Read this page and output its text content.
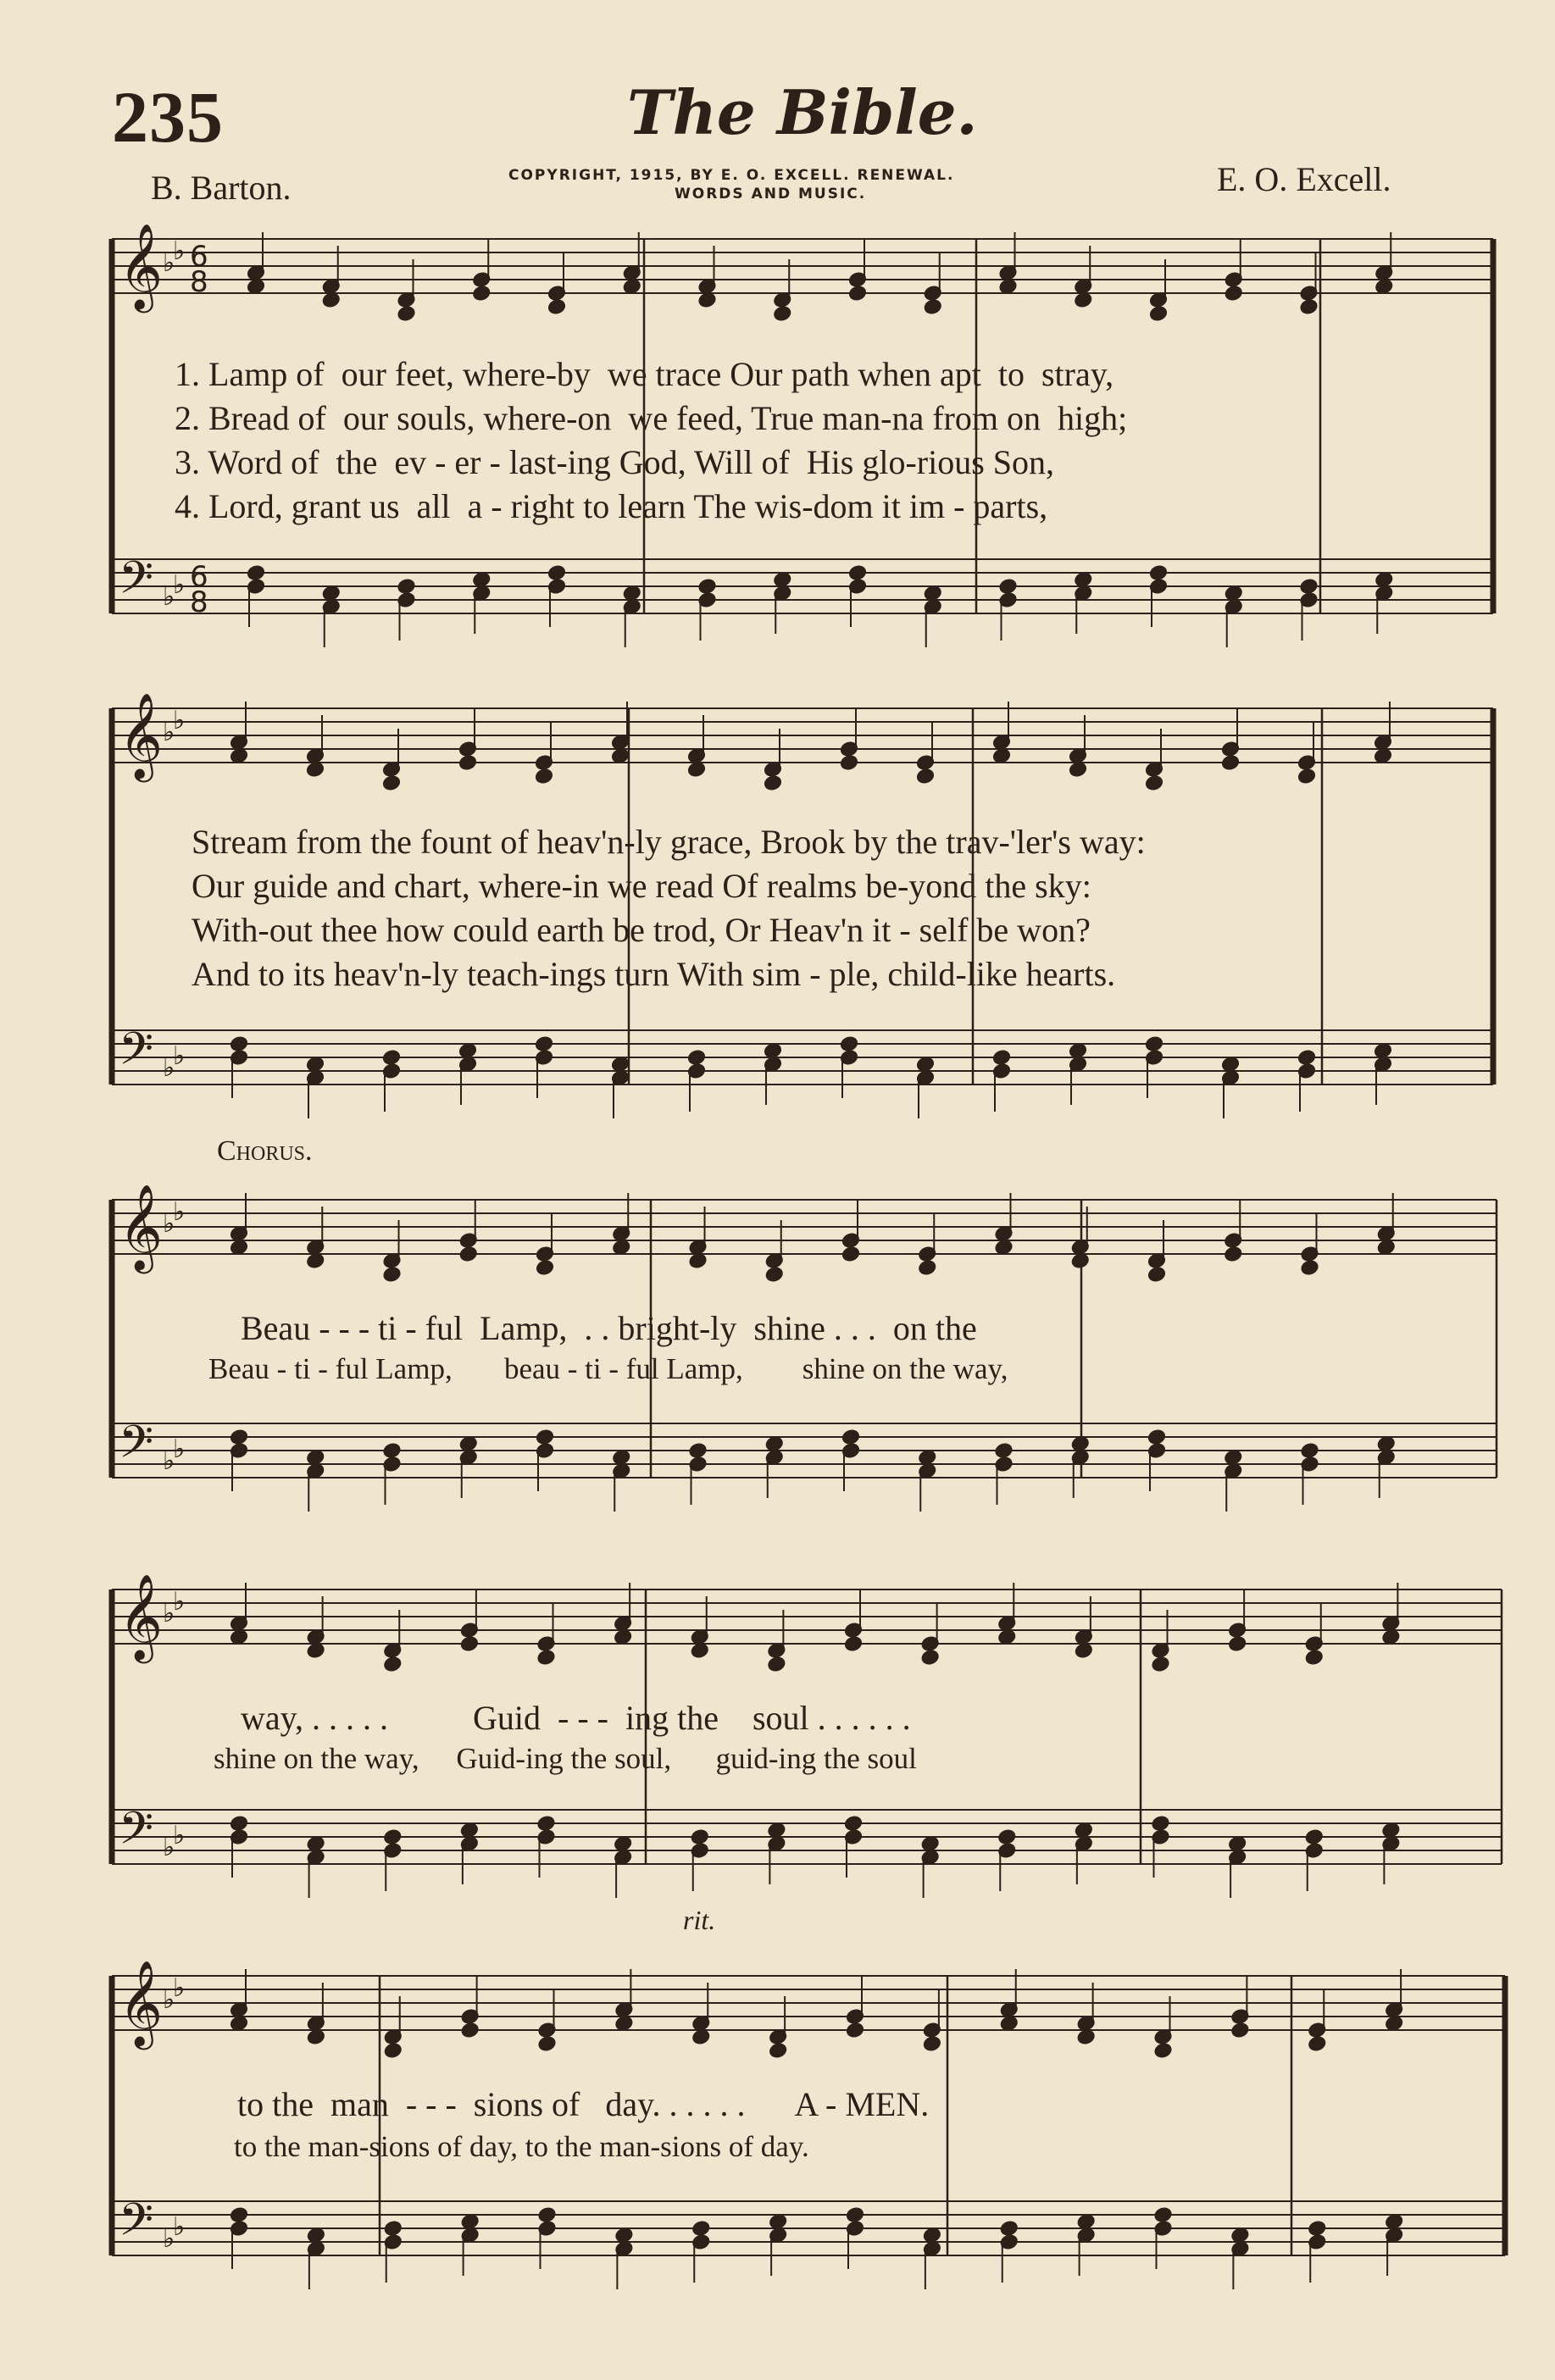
235	The Bible.
B. Barton.	COPYRIGHT, 1915, BY E. O. EXCELL. RENEWAL.
WORDS AND MUSIC.	E. O. Excell.
𝄞
𝄢
♭
♭
♭
♭
6
8
6
8
𝄞
𝄢
♭
♭
♭
♭
𝄞
𝄢
♭
♭
♭
♭
𝄞
𝄢
♭
♭
♭
♭
𝄞
𝄢
♭
♭
♭
♭

1. Lamp of  our feet, where-by  we trace Our path when apt  to  stray,

2. Bread of  our souls, where-on  we feed, True man-na from on  high;

3. Word of  the  ev - er - last-ing God, Will of  His glo-rious Son,

4. Lord, grant us  all  a - right to learn The wis-dom it im - parts,

Stream from the fount of heav'n-ly grace, Brook by the trav-'ler's way:

Our guide and chart, where-in we read Of realms be-yond the sky:

With-out thee how could earth be trod, Or Heav'n it - self be won?

And to its heav'n-ly teach-ings turn With sim - ple, child-like hearts.

Chorus.

Beau - - - ti - ful  Lamp,  . . bright-ly  shine . . .  on the

Beau - ti - ful Lamp,       beau - ti - ful Lamp,        shine on the way,

way, . . . . .          Guid  - - -  ing the    soul . . . . . .

shine on the way,     Guid-ing the soul,      guid-ing the soul

rit.

to the  man  - - -  sions of   day. . . . . .      A - MEN.

to the man-sions of day, to the man-sions of day.
